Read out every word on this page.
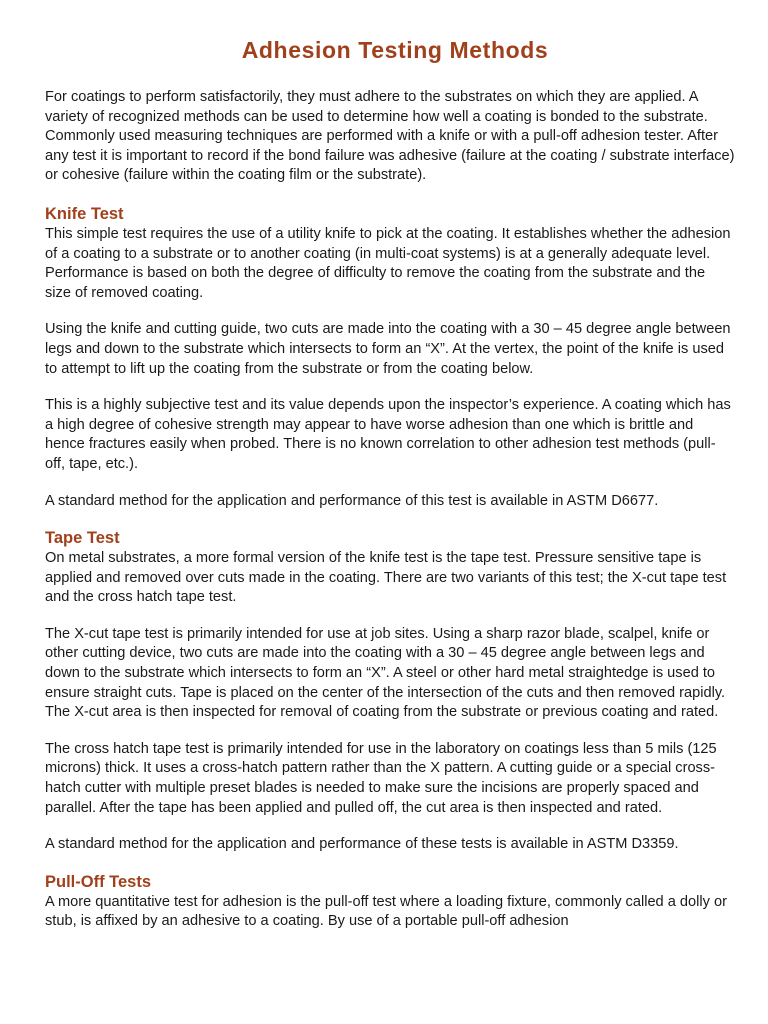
Adhesion Testing Methods

For coatings to perform satisfactorily, they must adhere to the substrates on which they are applied. A variety of recognized methods can be used to determine how well a coating is bonded to the substrate. Commonly used measuring techniques are performed with a knife or with a pull-off adhesion tester. After any test it is important to record if the bond failure was adhesive (failure at the coating / substrate interface) or cohesive (failure within the coating film or the substrate).

Knife Test

This simple test requires the use of a utility knife to pick at the coating. It establishes whether the adhesion of a coating to a substrate or to another coating (in multi-coat systems) is at a generally adequate level. Performance is based on both the degree of difficulty to remove the coating from the substrate and the size of removed coating.

Using the knife and cutting guide, two cuts are made into the coating with a 30 – 45 degree angle between legs and down to the substrate which intersects to form an “X”. At the vertex, the point of the knife is used to attempt to lift up the coating from the substrate or from the coating below.

This is a highly subjective test and its value depends upon the inspector’s experience. A coating which has a high degree of cohesive strength may appear to have worse adhesion than one which is brittle and hence fractures easily when probed. There is no known correlation to other adhesion test methods (pull-off, tape, etc.).

A standard method for the application and performance of this test is available in ASTM D6677.

Tape Test

On metal substrates, a more formal version of the knife test is the tape test. Pressure sensitive tape is applied and removed over cuts made in the coating. There are two variants of this test; the X-cut tape test and the cross hatch tape test.

The X-cut tape test is primarily intended for use at job sites. Using a sharp razor blade, scalpel, knife or other cutting device, two cuts are made into the coating with a 30 – 45 degree angle between legs and down to the substrate which intersects to form an “X”. A steel or other hard metal straightedge is used to ensure straight cuts. Tape is placed on the center of the intersection of the cuts and then removed rapidly. The X-cut area is then inspected for removal of coating from the substrate or previous coating and rated.

The cross hatch tape test is primarily intended for use in the laboratory on coatings less than 5 mils (125 microns) thick. It uses a cross-hatch pattern rather than the X pattern. A cutting guide or a special cross-hatch cutter with multiple preset blades is needed to make sure the incisions are properly spaced and parallel. After the tape has been applied and pulled off, the cut area is then inspected and rated.

A standard method for the application and performance of these tests is available in ASTM D3359.

Pull-Off Tests

A more quantitative test for adhesion is the pull-off test where a loading fixture, commonly called a dolly or stub, is affixed by an adhesive to a coating. By use of a portable pull-off adhesion
